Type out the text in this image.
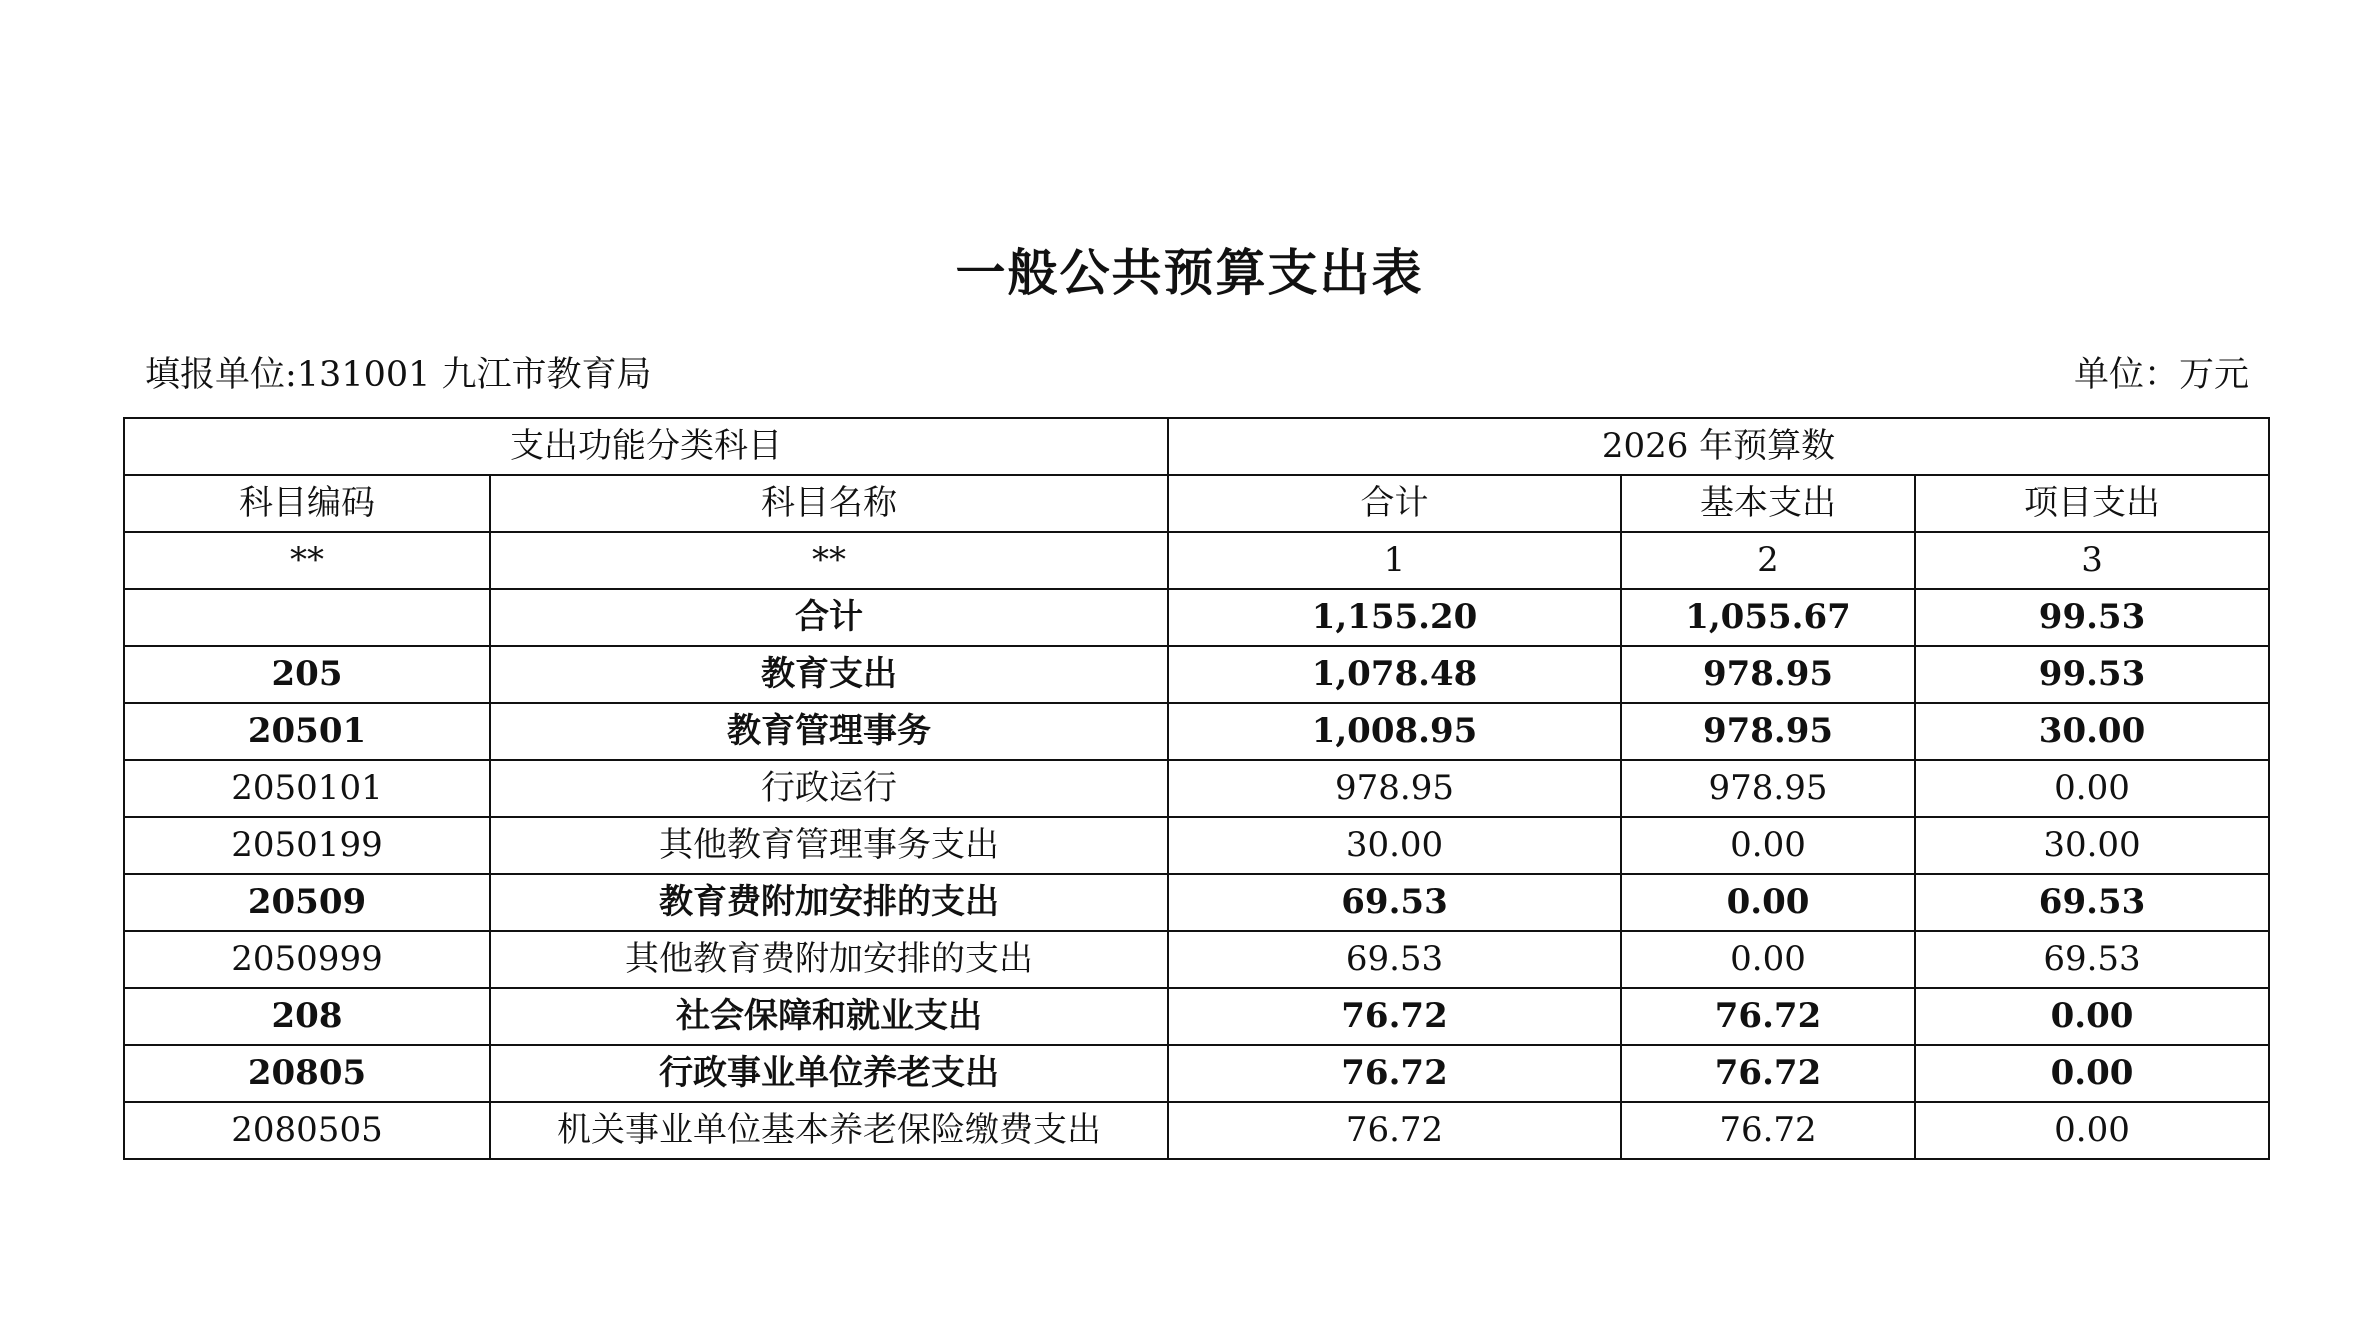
一般公共预算支出表
填报单位:131001 九江市教育局	单位：万元
支出功能分类科目		2026 年预算数		
科目编码	科目名称	合计	基本支出	项目支出
**	**	1	2	3
	合计	1,155.20	1,055.67	99.53
205	教育支出	1,078.48	978.95	99.53
20501	教育管理事务	1,008.95	978.95	30.00
2050101	行政运行	978.95	978.95	0.00
2050199	其他教育管理事务支出	30.00	0.00	30.00
20509	教育费附加安排的支出	69.53	0.00	69.53
2050999	其他教育费附加安排的支出	69.53	0.00	69.53
208	社会保障和就业支出	76.72	76.72	0.00
20805	行政事业单位养老支出	76.72	76.72	0.00
2080505	机关事业单位基本养老保险缴费支出	76.72	76.72	0.00
